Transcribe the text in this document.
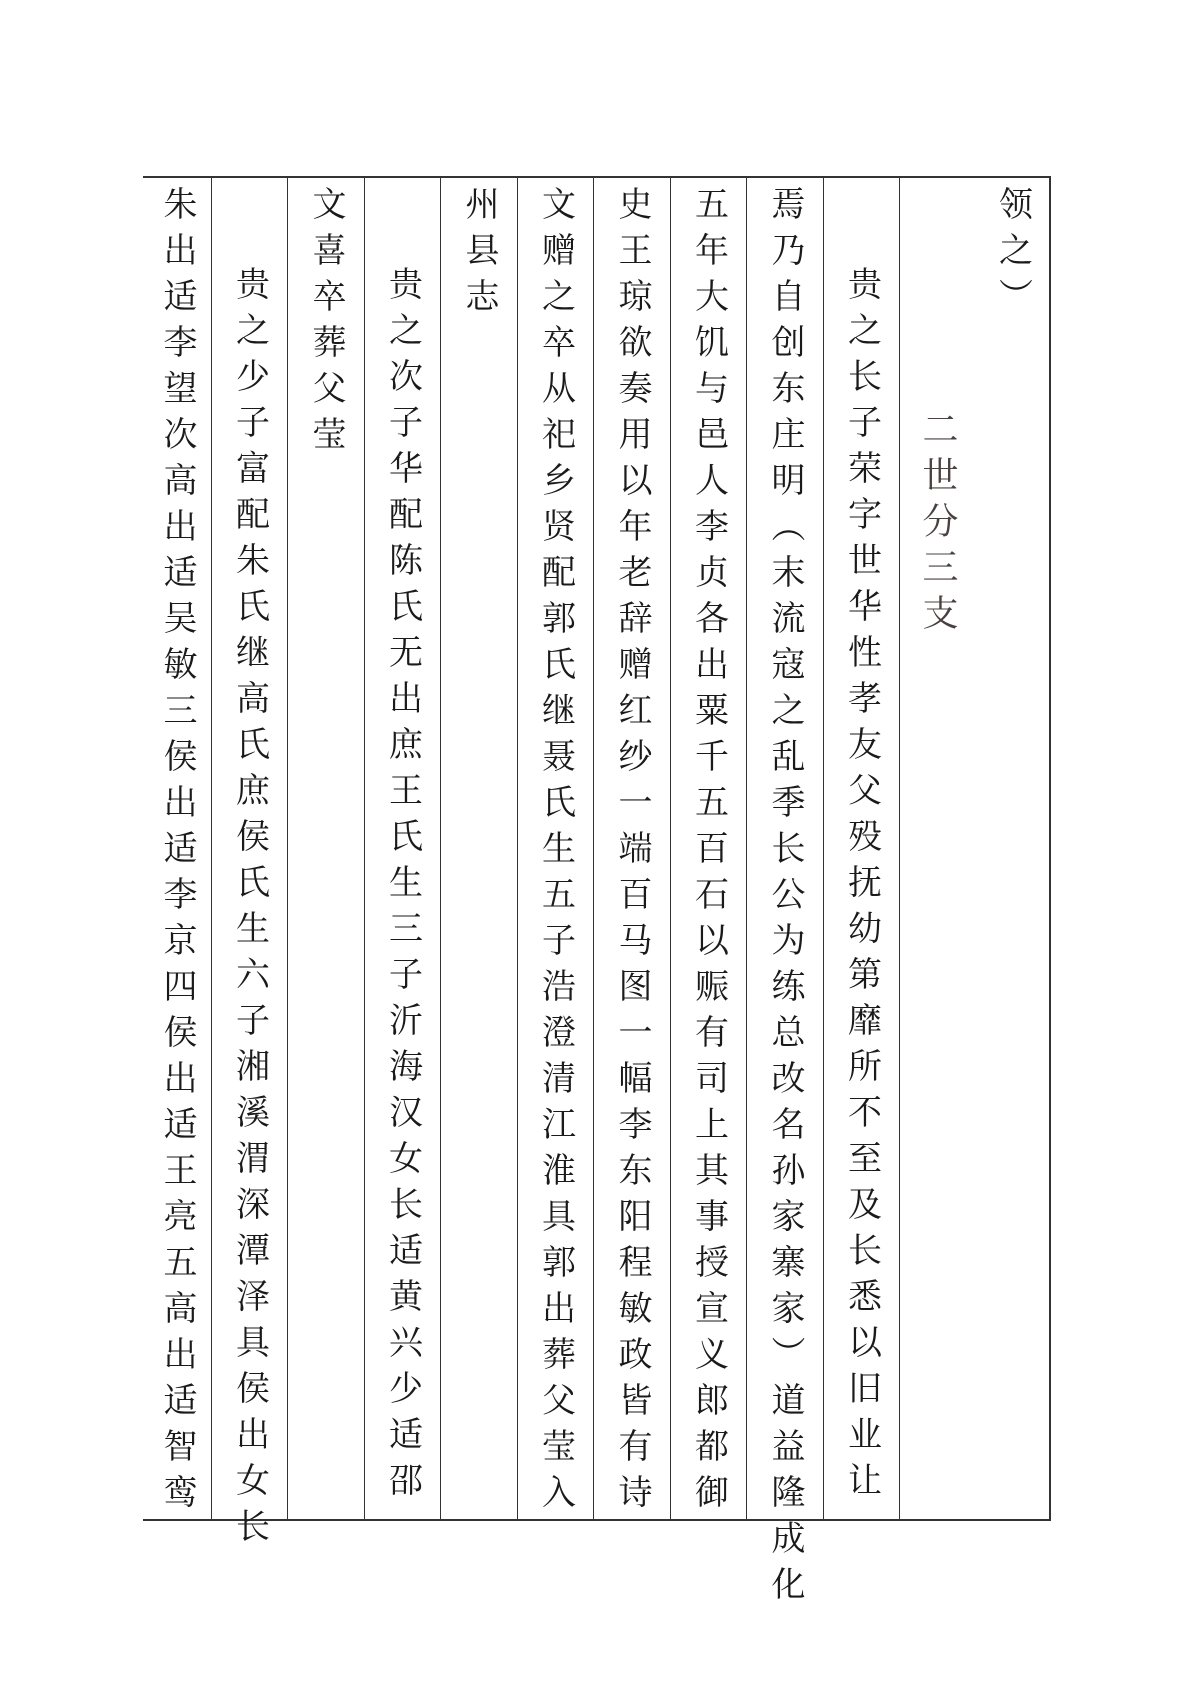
领之）
二世分三支
贵之长子荣字世华性孝友父殁抚幼第靡所不至及长悉以旧业让
焉乃自创东庄明（末流寇之乱季长公为练总改名孙家寨家）道益隆成化
五年大饥与邑人李贞各出粟千五百石以赈有司上其事授宣义郎都御
史王琼欲奏用以年老辞赠红纱一端百马图一幅李东阳程敏政皆有诗
文赠之卒从祀乡贤配郭氏继聂氏生五子浩澄清江淮具郭出葬父莹入
州县志
贵之次子华配陈氏无出庶王氏生三子沂海汉女长适黄兴少适邵
文喜卒葬父莹
贵之少子富配朱氏继高氏庶侯氏生六子湘溪渭深潭泽具侯出女长
朱出适李望次高出适吴敏三侯出适李京四侯出适王亮五高出适智鸾
